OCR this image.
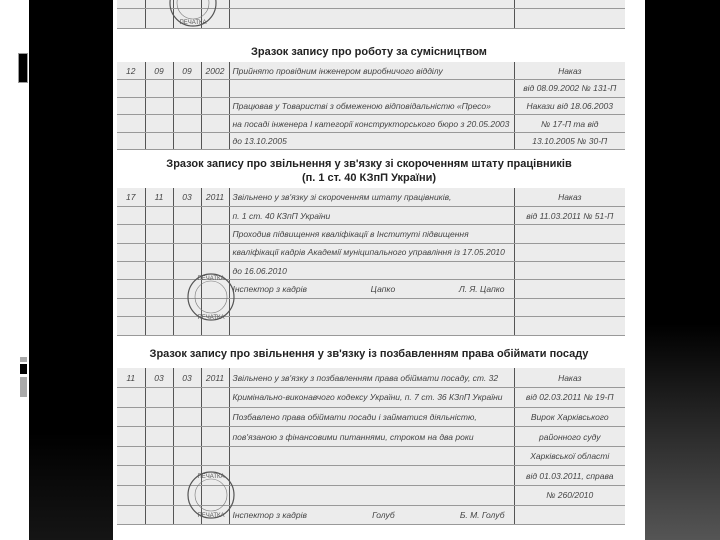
Зразок запису про роботу за сумісництвом
Зразок запису про звільнення у зв'язку зі скороченням штату працівників
(п. 1 ст. 40 КЗпП України)
Зразок запису про звільнення у зв'язку із позбавленням права обіймати посаду
12	09	09	2002	Прийнято провідним інженером виробничого відділу	Наказ
					від 08.09.2002 № 131-П
				Працював у Товаристві з обмеженою відповідальністю «Пресо»	Накази від 18.06.2003
				на посаді інженера І категорії конструкторського бюро з 20.05.2003	№ 17-П та від
				до 13.10.2005	13.10.2005 № 30-П
17	11	03	2011	Звільнено у зв'язку зі скороченням штату працівників,	Наказ
				п. 1 ст. 40 КЗпП України	від 11.03.2011 № 51-П
				Проходив підвищення кваліфікації в Інституті підвищення	
				кваліфікації кадрів Академії муніципального управління із 17.05.2010	
				до 16.06.2010	

				Інспектор з кадрів Цапко Л. Я. Цапко	

11	03	03	2011	Звільнено у зв'язку з позбавленням права обіймати посаду, ст. 32	Наказ
				Кримінально-виконавчого кодексу України, п. 7 ст. 36 КЗпП України	від 02.03.2011 № 19-П
				Позбавлено права обіймати посади і займатися діяльністю,	Вирок Харківського
				пов'язаною з фінансовими питаннями, строком на два роки	районного суду
					Харківської області
					від 01.03.2011, справа
					№ 260/2010

				Інспектор з кадрів Голуб Б. М. Голуб	

ПЕЧАТКА
ПЕЧАТКА
ПЕЧАТКА
ПЕЧАТКА
ПЕЧАТКА
